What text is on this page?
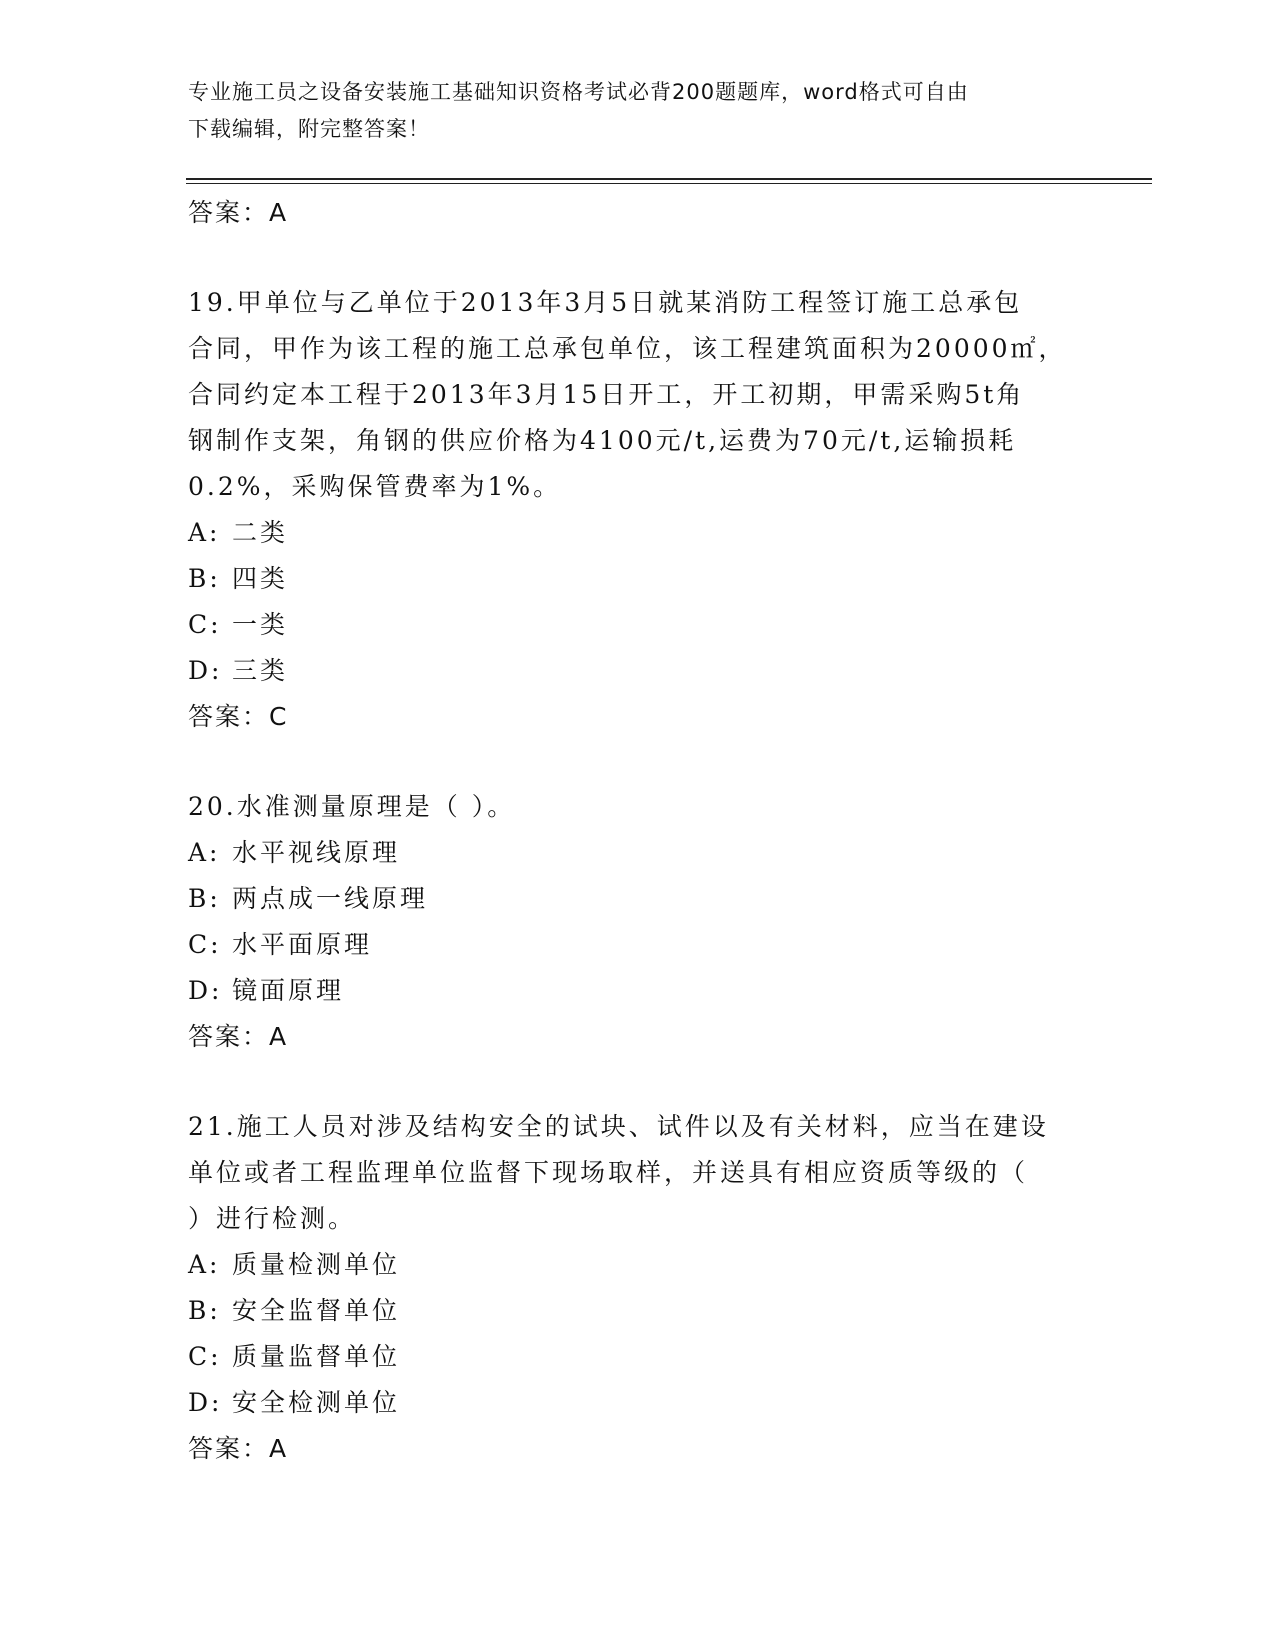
专业施工员之设备安装施工基础知识资格考试必背200题题库，word格式可自由
下载编辑，附完整答案！
答案：A
19.甲单位与乙单位于2013年3月5日就某消防工程签订施工总承包
合同，甲作为该工程的施工总承包单位，该工程建筑面积为20000㎡，
合同约定本工程于2013年3月15日开工，开工初期，甲需采购5t角
钢制作支架，角钢的供应价格为4100元/t,运费为70元/t,运输损耗
0.2%，采购保管费率为1%。
A: 二类
B: 四类
C: 一类
D: 三类
答案：C
20.水准测量原理是（ ）。
A: 水平视线原理
B: 两点成一线原理
C: 水平面原理
D: 镜面原理
答案：A
21.施工人员对涉及结构安全的试块、试件以及有关材料，应当在建设
单位或者工程监理单位监督下现场取样，并送具有相应资质等级的（
）进行检测。
A: 质量检测单位
B: 安全监督单位
C: 质量监督单位
D: 安全检测单位
答案：A
